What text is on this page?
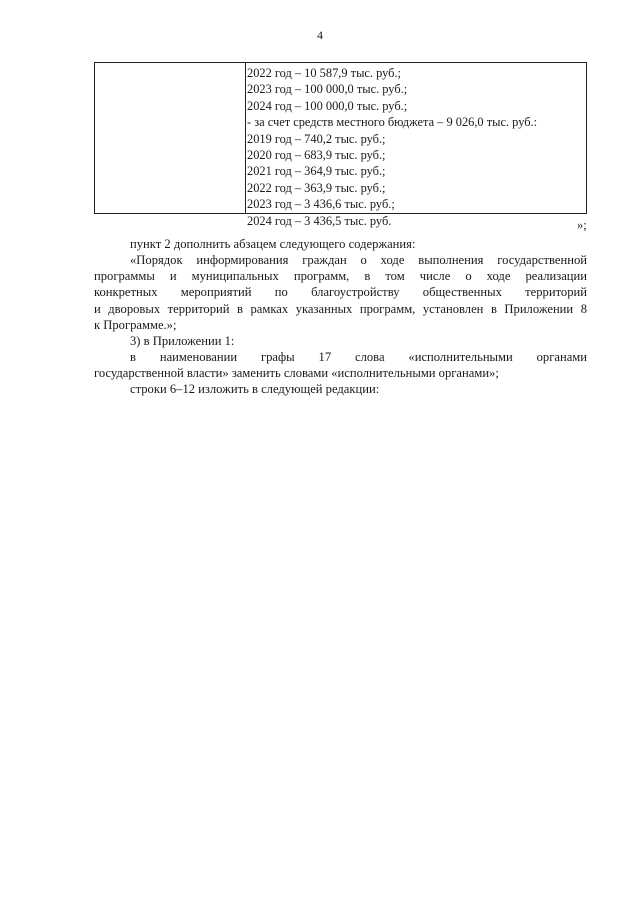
4
2022 год – 10 587,9 тыс. руб.;
2023 год – 100 000,0 тыс. руб.;
2024 год – 100 000,0 тыс. руб.;
- за счет средств местного бюджета – 9 026,0 тыс. руб.:
2019 год – 740,2 тыс. руб.;
2020 год – 683,9 тыс. руб.;
2021 год – 364,9 тыс. руб.;
2022 год – 363,9 тыс. руб.;
2023 год – 3 436,6 тыс. руб.;
2024 год – 3 436,5 тыс. руб.	»;
пункт 2 дополнить абзацем следующего содержания:
«Порядок информирования граждан о ходе выполнения государственной
программы и муниципальных программ, в том числе о ходе реализации
конкретных мероприятий по благоустройству общественных территорий
и дворовых территорий в рамках указанных программ, установлен в Приложении 8
к Программе.»;
3) в Приложении 1:
в наименовании графы 17 слова «исполнительными органами
государственной власти» заменить словами «исполнительными органами»;
строки 6–12 изложить в следующей редакции:
